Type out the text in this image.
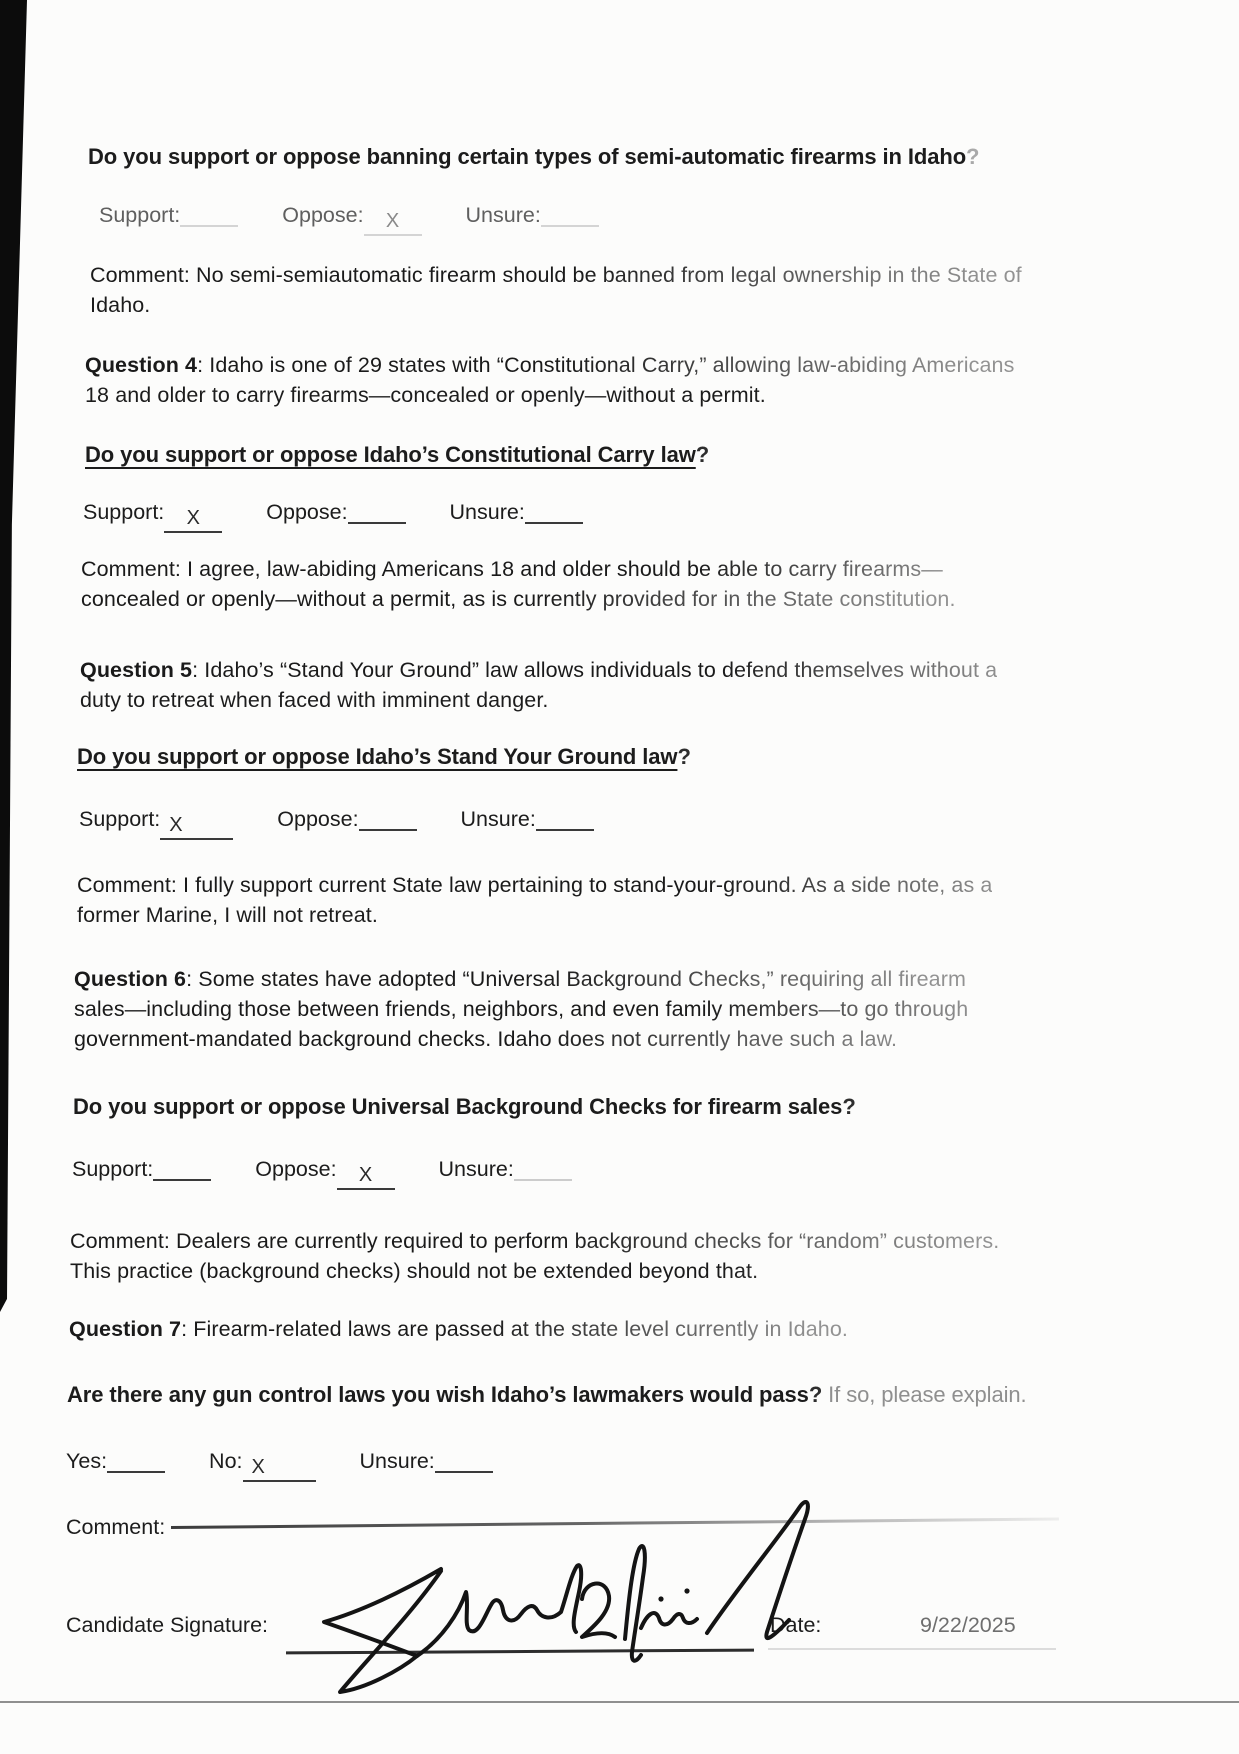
Do you support or oppose banning certain types of semi-automatic firearms in Idaho?
Support:	Oppose: X	Unsure:
Comment: No semi-semiautomatic firearm should be banned from legal ownership in the State of
Idaho.
Question 4: Idaho is one of 29 states with “Constitutional Carry,” allowing law-abiding Americans
18 and older to carry firearms—concealed or openly—without a permit.
Do you support or oppose Idaho’s Constitutional Carry law?
Support: X	Oppose:	Unsure:
Comment: I agree, law-abiding Americans 18 and older should be able to carry firearms—
concealed or openly—without a permit, as is currently provided for in the State constitution.
Question 5: Idaho’s “Stand Your Ground” law allows individuals to defend themselves without a
duty to retreat when faced with imminent danger.
Do you support or oppose Idaho’s Stand Your Ground law?
Support: X	Oppose:	Unsure:
Comment: I fully support current State law pertaining to stand-your-ground. As a side note, as a
former Marine, I will not retreat.
Question 6: Some states have adopted “Universal Background Checks,” requiring all firearm
sales—including those between friends, neighbors, and even family members—to go through
government-mandated background checks. Idaho does not currently have such a law.
Do you support or oppose Universal Background Checks for firearm sales?
Support:	Oppose: X	Unsure:
Comment: Dealers are currently required to perform background checks for “random” customers.
This practice (background checks) should not be extended beyond that.
Question 7: Firearm-related laws are passed at the state level currently in Idaho.
Are there any gun control laws you wish Idaho’s lawmakers would pass? If so, please explain.
Yes:	No: X	Unsure:
Comment:
Candidate Signature:	Date:	9/22/2025
